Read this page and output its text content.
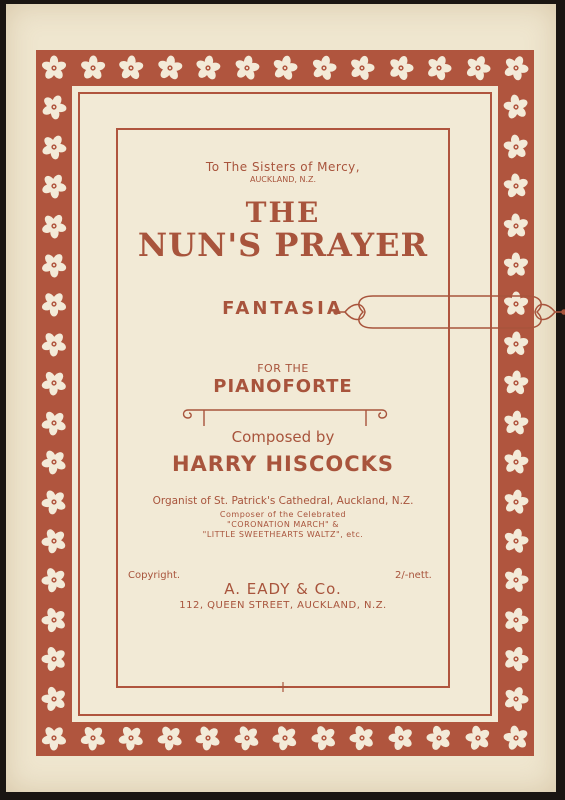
To The Sisters of Mercy,
AUCKLAND, N.Z.
THE
NUN'S PRAYER
FANTASIA
FOR THE
PIANOFORTE
Composed by
HARRY HISCOCKS
Organist of St. Patrick's Cathedral, Auckland, N.Z.
Composer of the Celebrated
"CORONATION MARCH" &
"LITTLE SWEETHEARTS WALTZ", etc.
Copyright.	2/-nett.
A. EADY & Co.
112, QUEEN STREET, AUCKLAND, N.Z.
